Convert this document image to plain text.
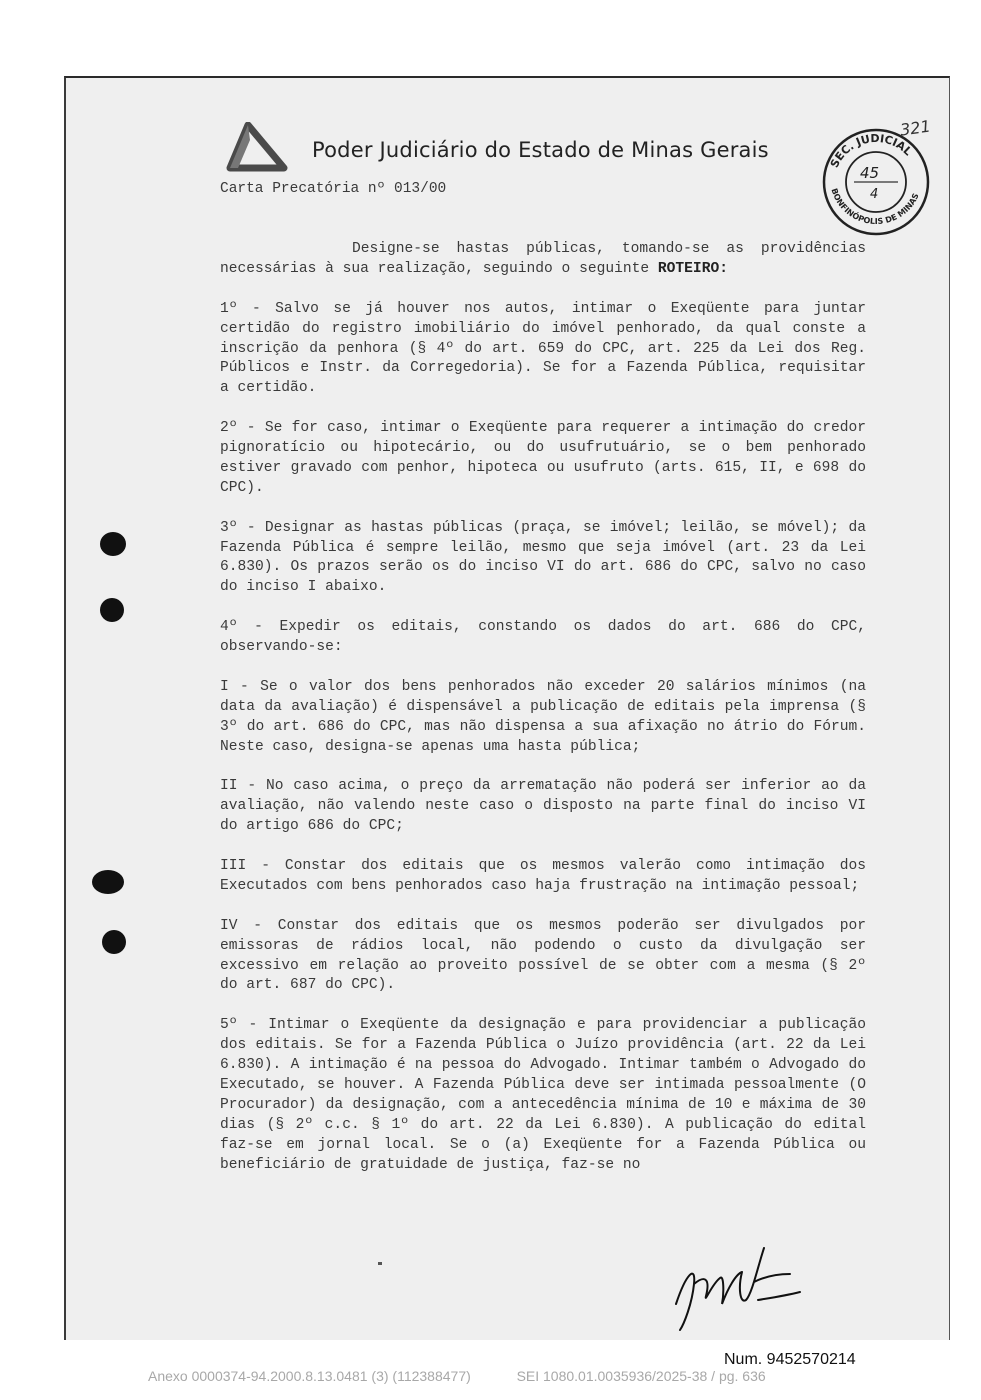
Poder Judiciário do Estado de Minas Gerais
Carta Precatória nº 013/00
SEC. JUDICIAL
BONFINÓPOLIS DE MINAS
45
4
321

Designe-se hastas públicas, tomando-se as providências necessárias à sua realização, seguindo o seguinte ROTEIRO:

1º - Salvo se já houver nos autos, intimar o Exeqüente para juntar certidão do registro imobiliário do imóvel penhorado, da qual conste a inscrição da penhora (§ 4º do art. 659 do CPC, art. 225 da Lei dos Reg. Públicos e Instr. da Corregedoria). Se for a Fazenda Pública, requisitar a certidão.

2º - Se for caso, intimar o Exeqüente para requerer a intimação do credor pignoratício ou hipotecário, ou do usufrutuário, se o bem penhorado estiver gravado com penhor, hipoteca ou usufruto (arts. 615, II, e 698 do CPC).

3º - Designar as hastas públicas (praça, se imóvel; leilão, se móvel); da Fazenda Pública é sempre leilão, mesmo que seja imóvel (art. 23 da Lei 6.830). Os prazos serão os do inciso VI do art. 686 do CPC, salvo no caso do inciso I abaixo.

4º - Expedir os editais, constando os dados do art. 686 do CPC, observando-se:

I - Se o valor dos bens penhorados não exceder 20 salários mínimos (na data da avaliação) é dispensável a publicação de editais pela imprensa (§ 3º do art. 686 do CPC, mas não dispensa a sua afixação no átrio do Fórum. Neste caso, designa-se apenas uma hasta pública;

II - No caso acima, o preço da arrematação não poderá ser inferior ao da avaliação, não valendo neste caso o disposto na parte final do inciso VI do artigo 686 do CPC;

III - Constar dos editais que os mesmos valerão como intimação dos Executados com bens penhorados caso haja frustração na intimação pessoal;

IV - Constar dos editais que os mesmos poderão ser divulgados por emissoras de rádios local, não podendo o custo da divulgação ser excessivo em relação ao proveito possível de se obter com a mesma (§ 2º do art. 687 do CPC).

5º - Intimar o Exeqüente da designação e para providenciar a publicação dos editais. Se for a Fazenda Pública o Juízo providência (art. 22 da Lei 6.830). A intimação é na pessoa do Advogado. Intimar também o Advogado do Executado, se houver. A Fazenda Pública deve ser intimada pessoalmente (O Procurador) da designação, com a antecedência mínima de 10 e máxima de 30 dias (§ 2º c.c. § 1º do art. 22 da Lei 6.830). A publicação do edital faz-se em jornal local. Se o (a) Exeqüente for a Fazenda Pública ou beneficiário de gratuidade de justiça, faz-se no

Num. 9452570214
Anexo 0000374-94.2000.8.13.0481 (3) (112388477)	SEI 1080.01.0035936/2025-38 / pg. 636
